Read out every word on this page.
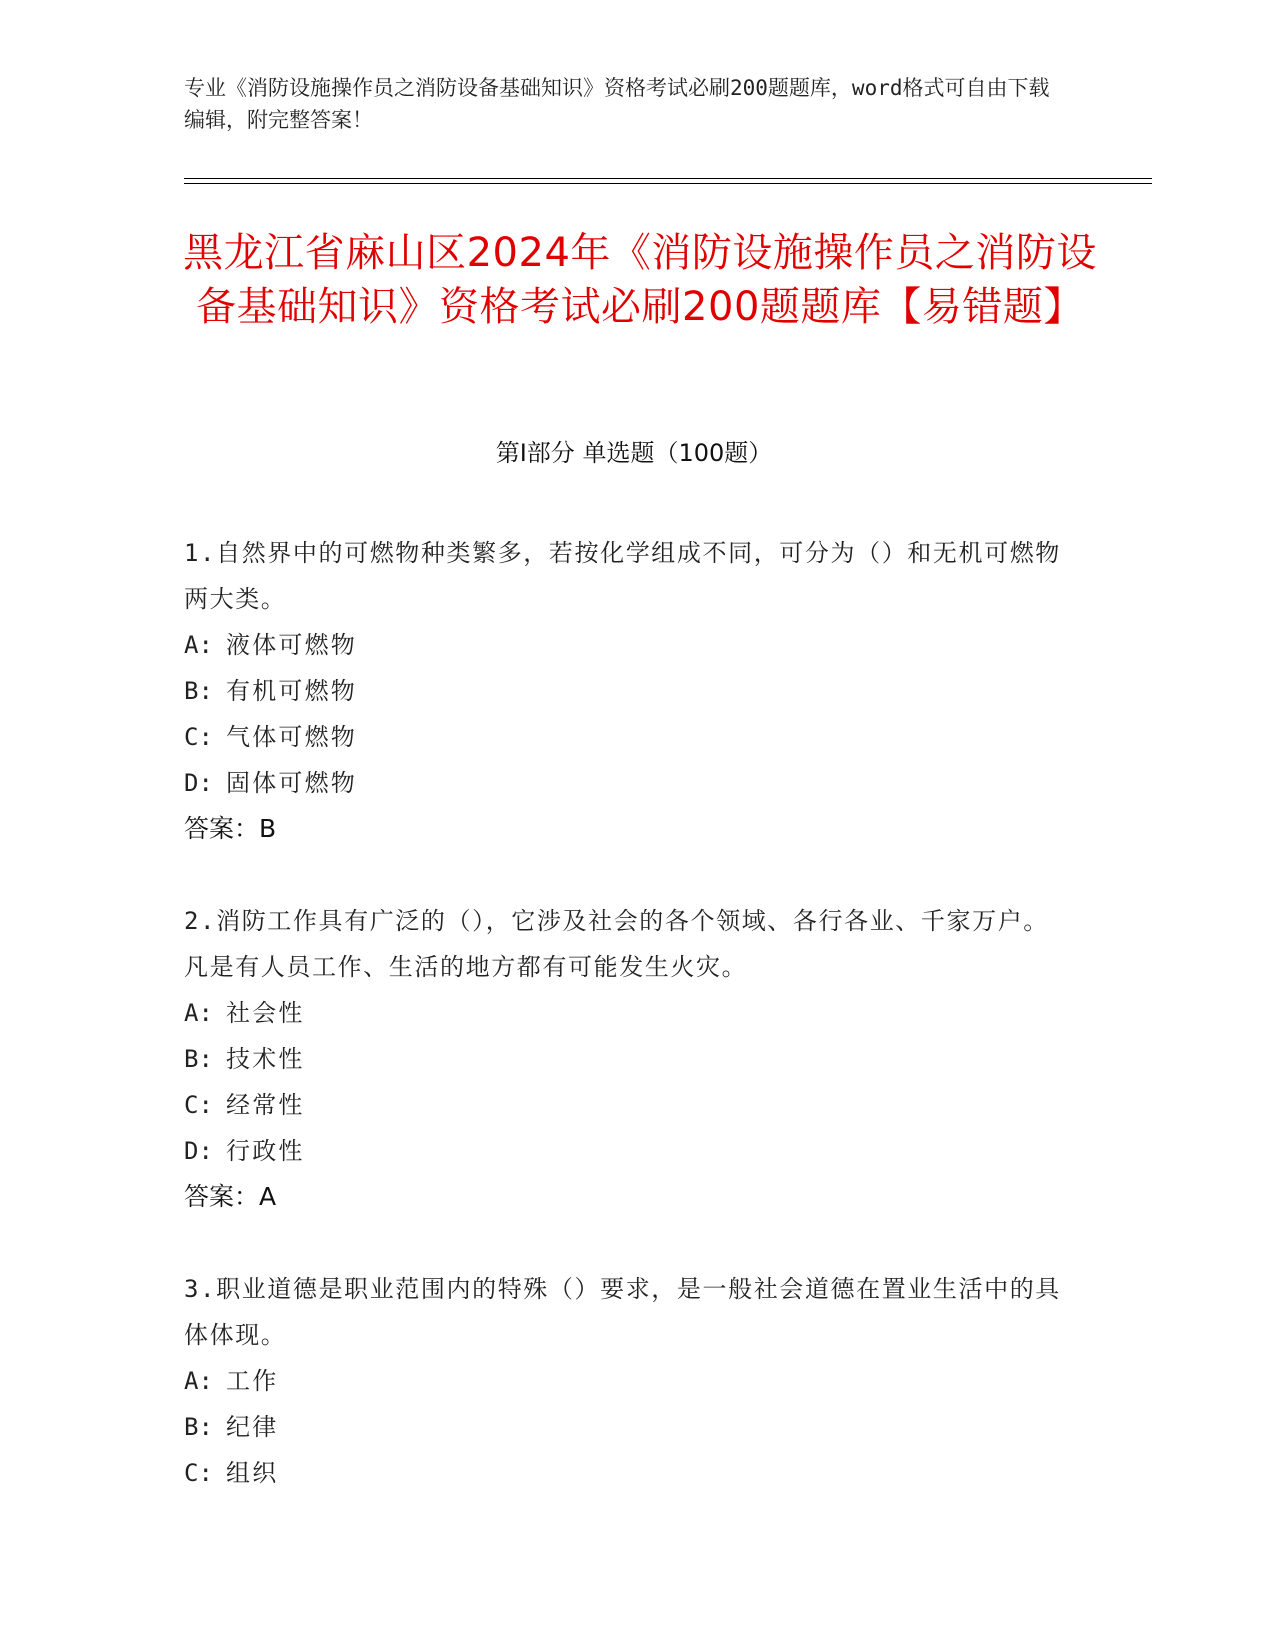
专业《消防设施操作员之消防设备基础知识》资格考试必刷200题题库，word格式可自由下载编辑，附完整答案！
黑龙江省麻山区2024年《消防设施操作员之消防设备基础知识》资格考试必刷200题题库【易错题】
第I部分 单选题（100题）
1.自然界中的可燃物种类繁多，若按化学组成不同，可分为（）和无机可燃物两大类。
A: 液体可燃物
B: 有机可燃物
C: 气体可燃物
D: 固体可燃物
答案：B
2.消防工作具有广泛的（），它涉及社会的各个领域、各行各业、千家万户。凡是有人员工作、生活的地方都有可能发生火灾。
A: 社会性
B: 技术性
C: 经常性
D: 行政性
答案：A
3.职业道德是职业范围内的特殊（）要求，是一般社会道德在置业生活中的具体体现。
A: 工作
B: 纪律
C: 组织
